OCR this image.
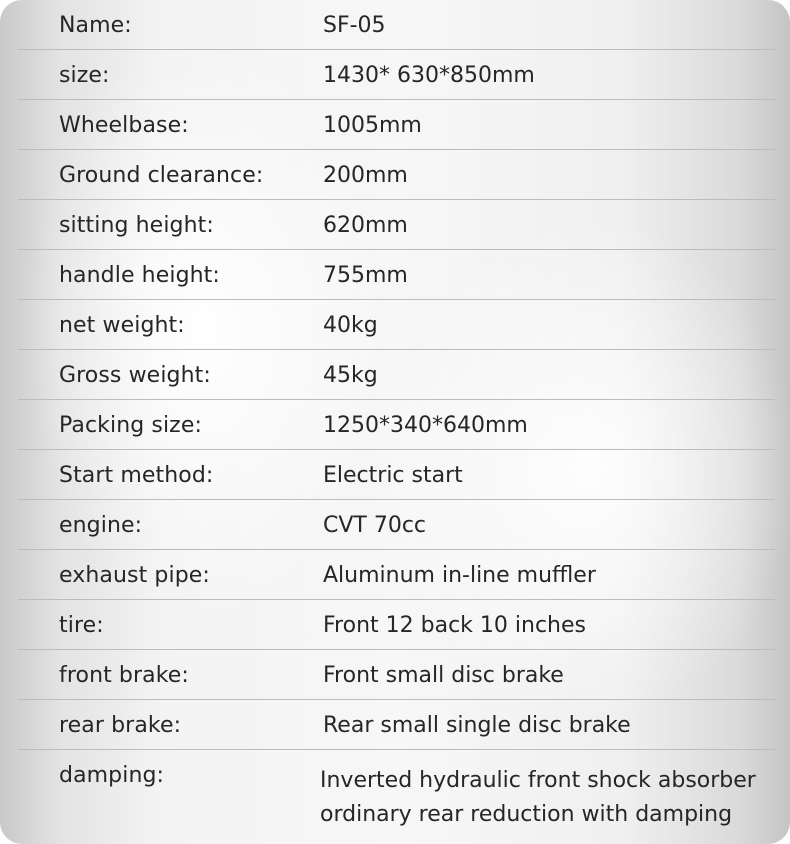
Name:	SF-05
size:	1430* 630*850mm
Wheelbase:	1005mm
Ground clearance:	200mm
sitting height:	620mm
handle height:	755mm
net weight:	40kg
Gross weight:	45kg
Packing size:	1250*340*640mm
Start method:	Electric start
engine:	CVT 70cc
exhaust pipe:	Aluminum in-line muffler
tire:	Front 12 back 10 inches
front brake:	Front small disc brake
rear brake:	Rear small single disc brake
damping:	Inverted hydraulic front shock absorber
ordinary rear reduction with damping
